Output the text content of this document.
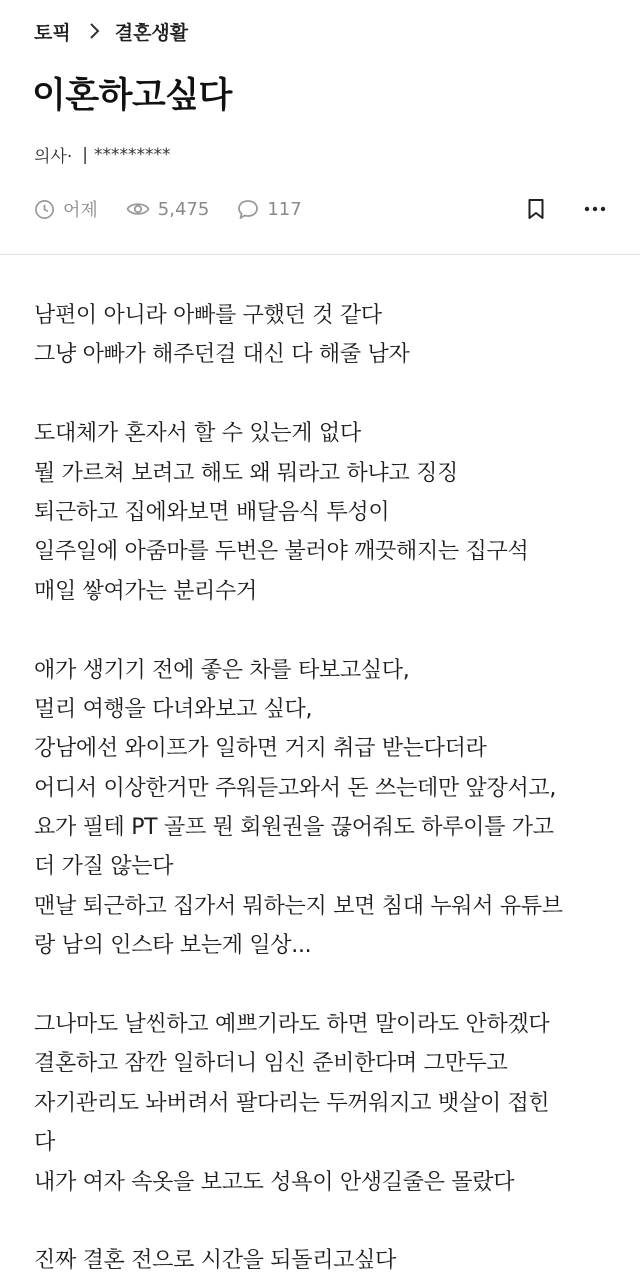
토픽 결혼생활
이혼하고싶다
의사· | *********
어제	5,475	117
남편이 아니라 아빠를 구했던 것 같다
그냥 아빠가 해주던걸 대신 다 해줄 남자
도대체가 혼자서 할 수 있는게 없다
뭘 가르쳐 보려고 해도 왜 뭐라고 하냐고 징징
퇴근하고 집에와보면 배달음식 투성이
일주일에 아줌마를 두번은 불러야 깨끗해지는 집구석
매일 쌓여가는 분리수거
애가 생기기 전에 좋은 차를 타보고싶다,
멀리 여행을 다녀와보고 싶다,
강남에선 와이프가 일하면 거지 취급 받는다더라
어디서 이상한거만 주워듣고와서 돈 쓰는데만 앞장서고,
요가 필테 PT 골프 뭔 회원권을 끊어줘도 하루이틀 가고
더 가질 않는다
맨날 퇴근하고 집가서 뭐하는지 보면 침대 누워서 유튜브
랑 남의 인스타 보는게 일상...
그나마도 날씬하고 예쁘기라도 하면 말이라도 안하겠다
결혼하고 잠깐 일하더니 임신 준비한다며 그만두고
자기관리도 놔버려서 팔다리는 두꺼워지고 뱃살이 접힌
다
내가 여자 속옷을 보고도 성욕이 안생길줄은 몰랐다
진짜 결혼 전으로 시간을 되돌리고싶다
